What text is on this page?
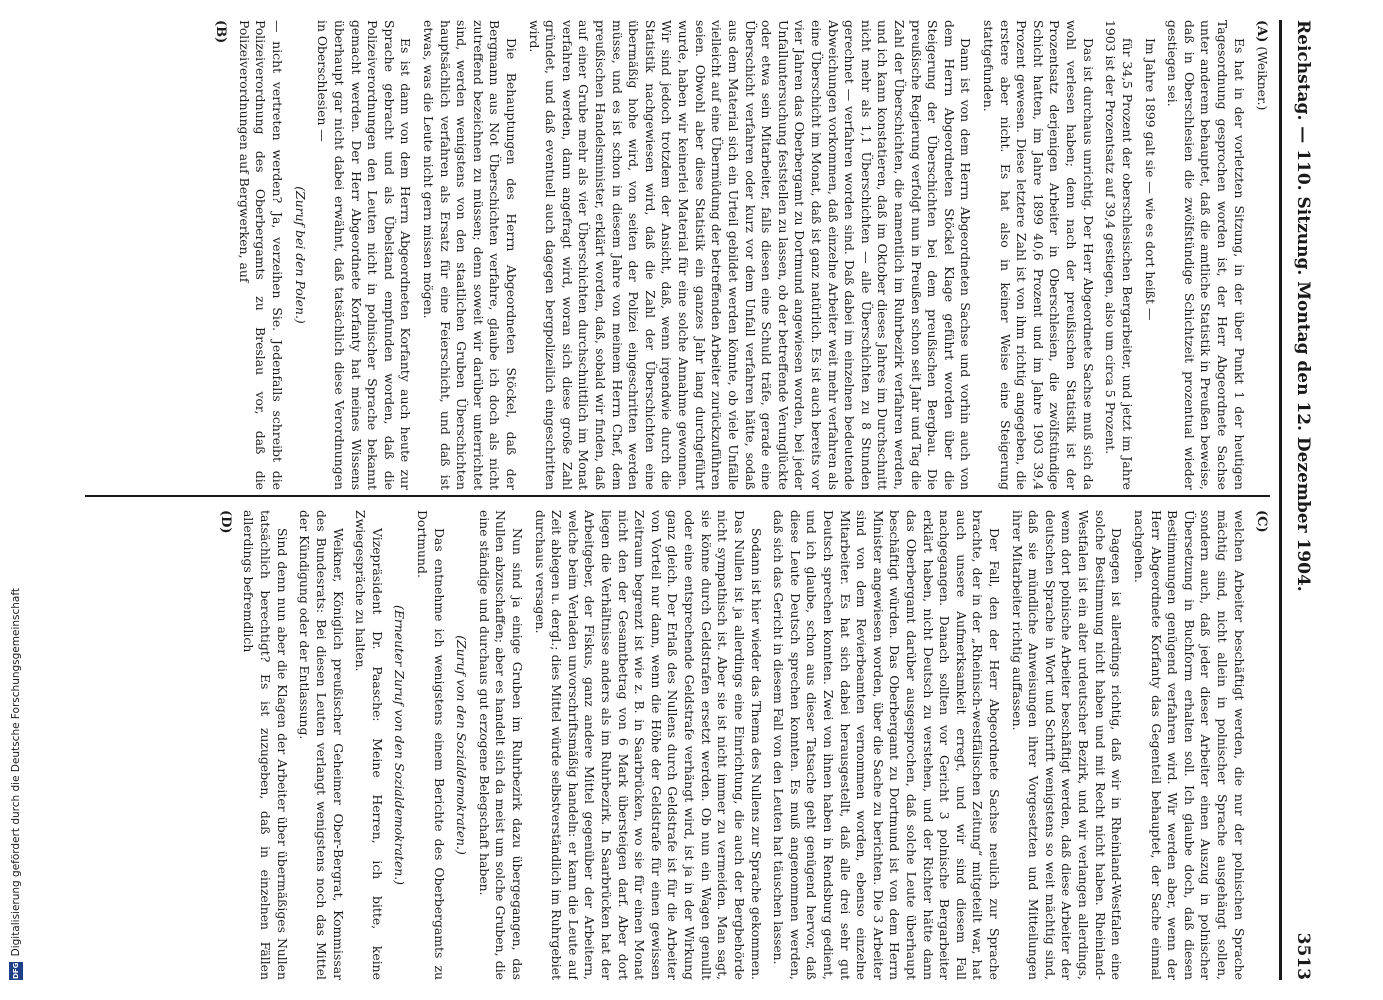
Digitalisierung gefördert durch die Deutsche Forschungsgemeinschaft
DFG
Reichstag. — 110. Sitzung. Montag den 12. Dezember 1904.
3513

(A) (Weikner.)

Es hat in der vorletzten Sitzung, in der über Punkt 1 der heutigen Tagesordnung gesprochen worden ist, der Herr Abgeordnete Sachse unter anderem behauptet, daß die amtliche Statistik in Preußen beweise, daß in Oberschlesien die zwölfstündige Schichtzeit prozentual wieder gestiegen sei.

Im Jahre 1899 galt sie — wie es dort heißt —

für 34,5 Prozent der oberschlesischen Bergarbeiter, und jetzt im Jahre 1903 ist der Prozentsatz auf 39,4 gestiegen, also um circa 5 Prozent.

Das ist durchaus unrichtig. Der Herr Abgeordnete Sachse muß sich da wohl verlesen haben; denn nach der preußischen Statistik ist der Prozentsatz derjenigen Arbeiter in Oberschlesien, die zwölfstündige Schicht hatten, im Jahre 1899 40,6 Prozent und im Jahre 1903 39,4 Prozent gewesen. Diese letztere Zahl ist von ihm richtig angegeben, die erstere aber nicht. Es hat also in keiner Weise eine Steigerung stattgefunden.

Dann ist von dem Herrn Abgeordneten Sachse und vorhin auch von dem Herrn Abgeordneten Stöckel Klage geführt worden über die Steigerung der Überschichten bei dem preußischen Bergbau. Die preußische Regierung verfolgt nun in Preußen schon seit Jahr und Tag die Zahl der Überschichten, die namentlich im Ruhrbezirk verfahren werden, und ich kann konstatieren, daß im Oktober dieses Jahres im Durchschnitt nicht mehr als 1,1 Überschichten — alle Überschichten zu 8 Stunden gerechnet — verfahren worden sind. Daß dabei im einzelnen bedeutende Abweichungen vorkommen, daß einzelne Arbeiter weit mehr verfahren als eine Überschicht im Monat, daß ist ganz natürlich. Es ist auch bereits vor vier Jahren das Oberbergamt zu Dortmund angewiesen worden, bei jeder Unfalluntersuchung feststellen zu lassen, ob der betreffende Verunglückte oder etwa sein Mitarbeiter, falls diesen eine Schuld träfe, gerade eine Überschicht verfahren oder kurz vor dem Unfall verfahren hätte, sodaß aus dem Material sich ein Urteil gebildet werden könnte, ob viele Unfälle vielleicht auf eine Übermüdung der betreffenden Arbeiter zurückzuführen seien. Obwohl aber diese Statistik ein ganzes Jahr lang durchgeführt wurde, haben wir keinerlei Material für eine solche Annahme gewonnen. Wir sind jedoch trotzdem der Ansicht, daß, wenn irgendwie durch die Statistik nachgewiesen wird, daß die Zahl der Überschichten eine übermäßig hohe wird, von seiten der Polizei eingeschritten werden müsse, und es ist schon in diesem Jahre von meinem Herrn Chef, dem preußischen Handelsminister, erklärt worden, daß, sobald wir finden, daß auf einer Grube mehr als vier Überschichten durchschnittlich im Monat verfahren werden, dann angefragt wird, woran sich diese große Zahl gründet, und daß eventuell auch dagegen bergpolizeilich eingeschritten wird.

Die Behauptungen des Herrn Abgeordneten Stöckel, daß der Bergmann aus Not Überschichten verfahre, glaube ich doch als nicht zutreffend bezeichnen zu müssen; denn soweit wir darüber unterrichtet sind, werden wenigstens von den staatlichen Gruben Überschichten hauptsächlich verfahren als Ersatz für eine Feierschicht, und daß ist etwas, was die Leute nicht gern missen mögen.

Es ist dann von dem Herrn Abgeordneten Korfanty auch heute zur Sprache gebracht und als Übelstand empfunden worden, daß die Polizeiverordnungen den Leuten nicht in polnischer Sprache bekannt gemacht werden. Der Herr Abgeordnete Korfanty hat meines Wissens überhaupt gar nicht dabei erwähnt, daß tatsächlich diese Verordnungen in Oberschlesien —

(Zuruf bei den Polen.)

— nicht vertreten werden? Ja, verzeihen Sie. Jedenfalls schreibt die Polizeiverordnung des Oberbergamts zu Breslau vor, daß die Polizeiverordnungen auf Bergwerken, auf

(B)

(C)

welchen Arbeiter beschäftigt werden, die nur der polnischen Sprache mächtig sind, nicht allein in polnischer Sprache ausgehängt sollen, sondern auch, daß jeder dieser Arbeiter einen Auszug in polnischer Übersetzung in Buchform erhalten soll. Ich glaube doch, daß diesen Bestimmungen genügend verfahren wird. Wir werden aber, wenn der Herr Abgeordnete Korfanty das Gegenteil behauptet, der Sache einmal nachgehen.

Dagegen ist allerdings richtig, daß wir in Rheinland-Westfalen eine solche Bestimmung nicht haben und mit Recht nicht haben. Rheinland-Westfalen ist ein alter urdeutscher Bezirk, und wir verlangen allerdings, wenn dort polnische Arbeiter beschäftigt werden, daß diese Arbeiter der deutschen Sprache in Wort und Schrift wenigstens so weit mächtig sind, daß sie mündliche Anweisungen ihrer Vorgesetzten und Mitteilungen ihrer Mitarbeiter richtig auffassen.

Der Fall, den der Herr Abgeordnete Sachse neulich zur Sprache brachte, der in der „Rheinisch-westfälischen Zeitung“ mitgeteilt war, hat auch unsere Aufmerksamkeit erregt, und wir sind diesem Fall nachgegangen. Danach sollten vor Gericht 3 polnische Bergarbeiter erklärt haben, nicht Deutsch zu verstehen, und der Richter hätte dann das Oberbergamt darüber ausgesprochen, daß solche Leute überhaupt beschäftigt würden. Das Oberbergamt zu Dortmund ist von dem Herrn Minister angewiesen worden, über die Sache zu berichten. Die 3 Arbeiter sind von dem Revierbeamten vernommen worden, ebenso einzelne Mitarbeiter. Es hat sich dabei herausgestellt, daß alle drei sehr gut Deutsch sprechen konnten. Zwei von ihnen haben in Rendsburg gedient, und ich glaube, schon aus dieser Tatsache geht genügend hervor, daß diese Leute Deutsch sprechen konnten. Es muß angenommen werden, daß sich das Gericht in diesem Fall von den Leuten hat täuschen lassen.

Sodann ist hier wieder das Thema des Nullens zur Sprache gekommen. Das Nullen ist ja allerdings eine Einrichtung, die auch der Bergbehörde nicht sympathisch ist. Aber sie ist nicht immer zu vermeiden. Man sagt, sie könne durch Geldstrafen ersetzt werden. Ob nun ein Wagen genullt oder eine entsprechende Geldstrafe verhängt wird, ist ja in der Wirkung ganz gleich. Der Erlaß des Nullens durch Geldstrafe ist für die Arbeiter von Vorteil nur dann, wenn die Höhe der Geldstrafe für einen gewissen Zeitraum begrenzt ist wie z. B. in Saarbrücken, wo sie für einen Monat nicht den der Gesamtbetrag von 6 Mark übersteigen darf. Aber dort liegen die Verhältnisse anders als im Ruhrbezirk. In Saarbrücken hat der Arbeitgeber, der Fiskus, ganz andere Mittel gegenüber der Arbeitern, welche beim Verladen unvorschriftsmäßig handeln: er kann die Leute auf Zeit ablegen u. dergl.; dies Mittel würde selbstverständlich im Ruhrgebiet durchaus versagen.

Nun sind ja einige Gruben im Ruhrbezirk dazu übergegangen, das Nullen abzuschaffen; aber es handelt sich da meist um solche Gruben, die eine ständige und durchaus gut erzogene Belegschaft haben.

(Zuruf von den Sozialdemokraten.)

Das entnehme ich wenigstens einem Berichte des Oberbergamts zu Dortmund.

(Erneuter Zuruf von den Sozialdemokraten.)

Vizepräsident Dr. Paasche: Meine Herren, ich bitte, keine Zwiegespräche zu halten.

Weikner, Königlich preußischer Geheimer Ober-Bergrat, Kommissar des Bundesrats: Bei diesen Leuten verlangt wenigstens noch das Mittel der Kündigung oder der Entlassung.

Sind denn nun aber die Klagen der Arbeiter über übermäßiges Nullen tatsächlich berechtigt? Es ist zuzugeben, daß in einzelnen Fällen allerdings befremdlich

(D)
